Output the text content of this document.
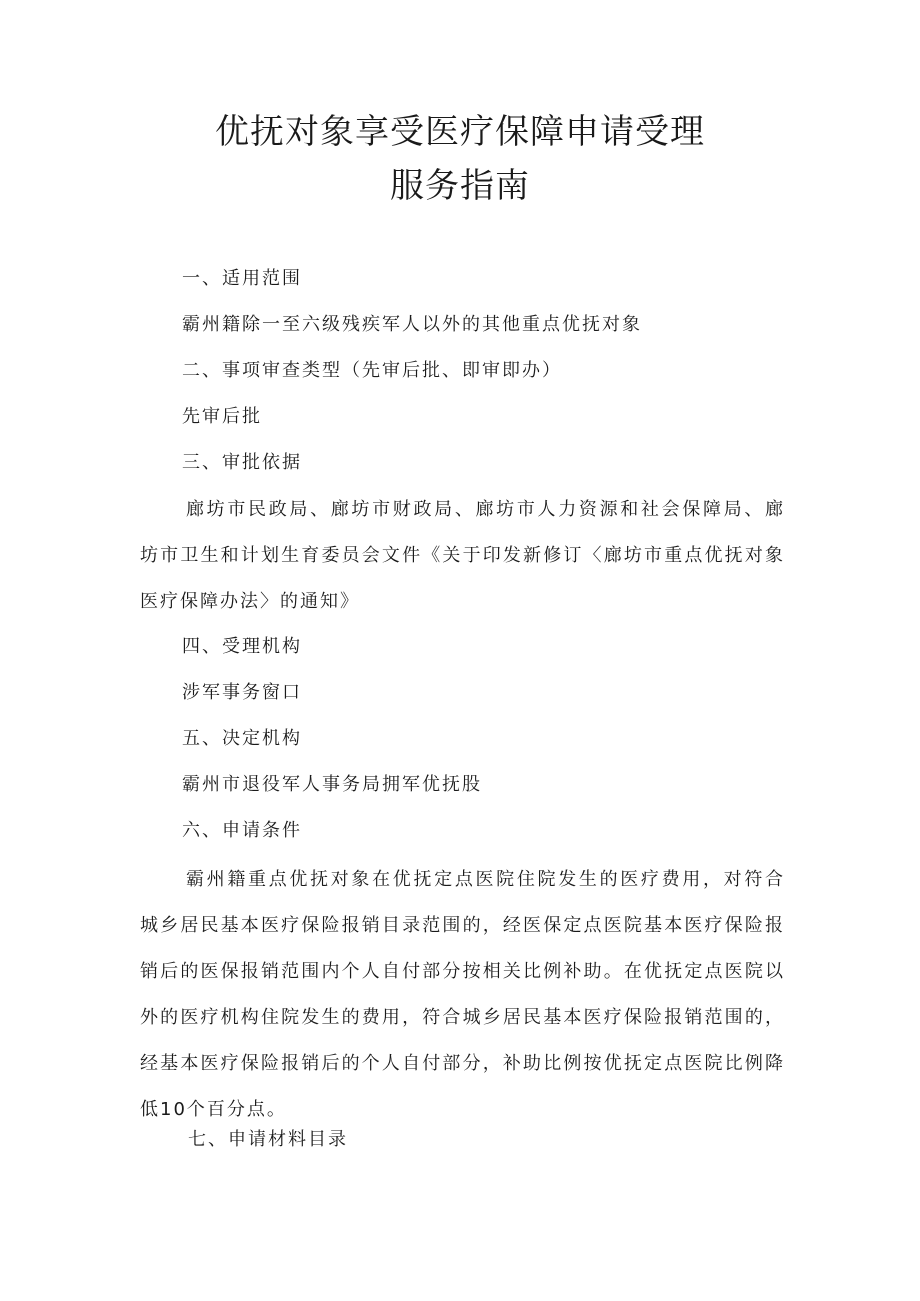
优抚对象享受医疗保障申请受理
服务指南

一、适用范围

霸州籍除一至六级残疾军人以外的其他重点优抚对象

二、事项审查类型（先审后批、即审即办）

先审后批

三、审批依据

廊坊市民政局、廊坊市财政局、廊坊市人力资源和社会保障局、廊坊市卫生和计划生育委员会文件《关于印发新修订〈廊坊市重点优抚对象医疗保障办法〉的通知》

四、受理机构

涉军事务窗口

五、决定机构

霸州市退役军人事务局拥军优抚股

六、申请条件

霸州籍重点优抚对象在优抚定点医院住院发生的医疗费用，对符合城乡居民基本医疗保险报销目录范围的，经医保定点医院基本医疗保险报销后的医保报销范围内个人自付部分按相关比例补助。在优抚定点医院以外的医疗机构住院发生的费用，符合城乡居民基本医疗保险报销范围的，经基本医疗保险报销后的个人自付部分，补助比例按优抚定点医院比例降低10个百分点。

七、申请材料目录
